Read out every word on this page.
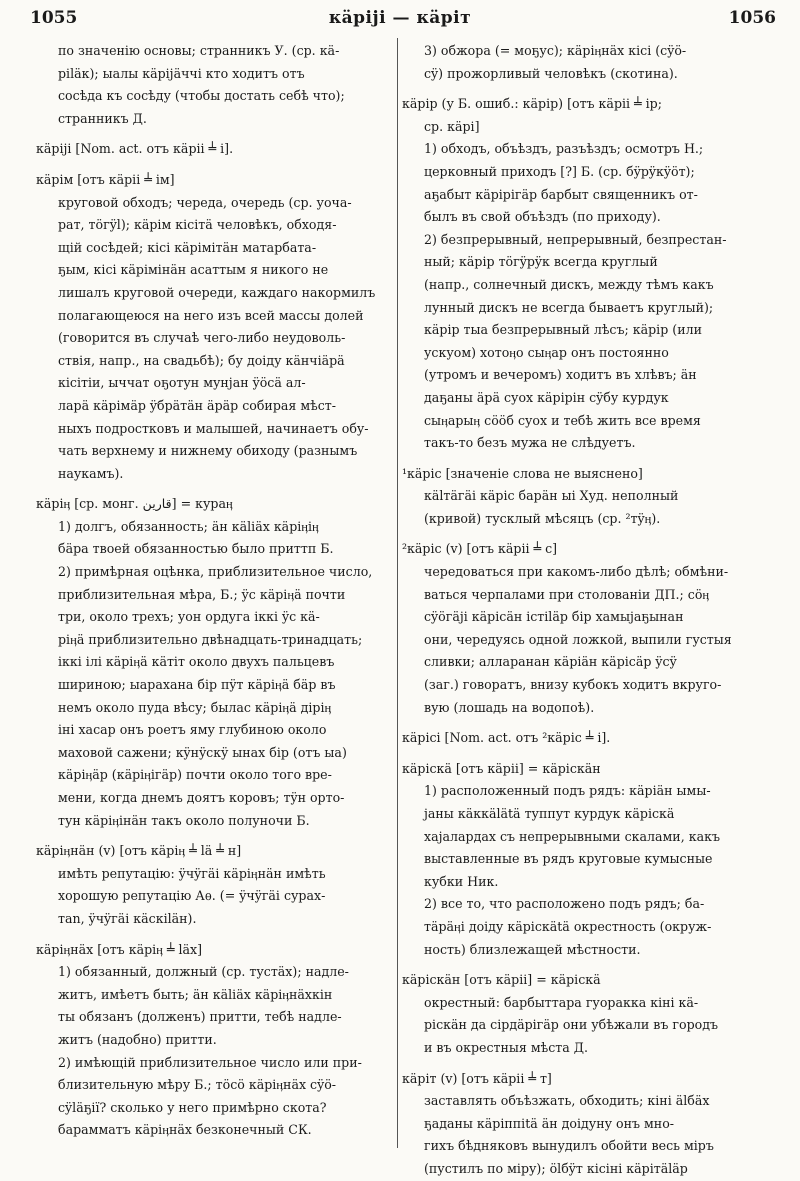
1055	кäріjі — кäріт	1056
по значенію основы; странникъ У. (ср. кä-
ріläк); ыалы кäріjäччі кто ходитъ отъ
сосѣда къ сосѣду (чтобы достать себѣ что);
странникъ Д.
кäріjі [Nom. act. отъ кäрii ╧ i].
кäрім [отъ кäрii ╧ ім]
круговой обходъ; череда, очередь (ср. уоча-
рат, тöгÿl); кäрім кісітä человѣкъ, обходя-
щій сосѣдей; кісі кäрімітäн матарбата-
ҕым, кісі кäрімінäн асаттым я никого не
лишалъ круговой очереди, каждаго накормилъ
полагающеюся на него изъ всей массы долей
(говорится въ случаѣ чего-либо неудоволь-
ствія, напр., на свадьбѣ); бу доіду кäнчiäрä
кісітіи, ыччат оҕотун мунjан ÿöсä ал-
ларä кäрімäр ÿбрäтäн äрäр собирая мѣст-
ныхъ подростковъ и малышей, начинаетъ обу-
чать верхнему и нижнему обиходу (разнымъ
наукамъ).
кäріӊ [ср. монг. ﻗﺎﺭﻳﻦ] = кураӊ
1) долгъ, обязанность; äн кäliäх кäріӊiӊ
бäра твоей обязанностью было приттп Б.
2) примѣрная оцѣнка, приблизительное число,
приблизительная мѣра, Б.; ÿс кäріӊä почти
три, около трехъ; уон ордуга іккі ÿс кä-
ріӊä приблизительно двѣнадцать-тринадцать;
іккі iлi кäріӊä кäтiт около двухъ пальцевъ
шириною; ыарахана бір пÿт кäріӊä бäр въ
немъ около пуда вѣсу; былас кäріӊä дірiӊ
iнi хасар онъ роетъ яму глубиною около
маховой сажени; кÿнÿскÿ ынах бір (отъ ыа)
кäріӊäр (кäріӊiгäр) почти около того вре-
мени, когда днемъ доятъ коровъ; тÿн орто-
тун кäріӊiнäн такъ около полуночи Б.
кäріӊнäн (v) [отъ кäріӊ ╧ lä ╧ н]
имѣть репутацію: ÿчÿгäi кäріӊнäн имѣть
хорошую репутацію Аѳ. (= ÿчÿгäi сурах-
таn, ÿчÿгäi кäскiläн).
кäріӊнäх [отъ кäріӊ ╧ läх]
1) обязанный, должный (ср. тустäх); надле-
житъ, имѣетъ быть; äн кäliäх кäріӊнäхкін
ты обязанъ (долженъ) притти, тебѣ надле-
житъ (надобно) притти.
2) имѣющій приблизительное число или при-
близительную мѣру Б.; тöсö кäріӊнäх сÿö-
сÿläҕiї? сколько у него примѣрно скота?
барамматъ кäріӊнäх безконечный СК.
3) обжора (= моҕус); кäріӊнäх кісі (сÿö-
сÿ) прожорливый человѣкъ (скотина).
кäрір (у Б. ошиб.: кäрір) [отъ кäрii ╧ ір;
ср. кäрі]
1) обходъ, объѣздъ, разъѣздъ; осмотръ Н.;
церковный приходъ [?] Б. (ср. бÿрÿкÿöт);
аҕабыт кäрірiгäр барбыт священникъ от-
былъ въ свой объѣздъ (по приходу).
2) безпрерывный, непрерывный, безпрестан-
ный; кäрір тöгÿрÿк всегда круглый
(напр., солнечный дискъ, между тѣмъ какъ
лунный дискъ не всегда бываетъ круглый);
кäрір тыа безпрерывный лѣсъ; кäрір (или
ускуом) хотоӊо сыӊар онъ постоянно
(утромъ и вечеромъ) ходитъ въ хлѣвъ; äн
даҕаны äрä суох кäрірiн сÿбу курдук
сыӊарыӊ сööб суох и тебѣ жить все время
такъ-то безъ мужа не слѣдуетъ.
¹кäріс [значеніе слова не выяснено]
кälтäгäi кäріс барäн ыi Худ. неполный
(кривой) тусклый мѣсяцъ (ср. ²тÿӊ).
²кäріс (v) [отъ кäрii ╧ с]
чередоваться при какомъ-либо дѣлѣ; обмѣни-
ваться черпалами при столованіи ДП.; сöӊ
сÿöгäjі кäрiсäн iстiläр бір хамыjаҕынан
они, чередуясь одной ложкой, выпили густыя
сливки; алларанан кäрiäн кäрiсäр ÿсÿ
(заг.) говоратъ, внизу кубокъ ходитъ вкруго-
вую (лошадь на водопоѣ).
кäрiсi [Nom. act. отъ ²кäріс ╧ i].
кäрiскä [отъ кäрii] = кäрiскäн
1) расположенный подъ рядъ: кäрiäн ымы-
jаны кäккälätä туппут курдук кäрiскä
хаjалардах съ непрерывными скалами, какъ
выставленные въ рядъ круговые кумысные
кубки Ник.
2) все то, что расположено подъ рядъ; ба-
тäрäӊi доіду кäрiскätä окрестность (окруж-
ность) близлежащей мѣстности.
кäрiскäн [отъ кäрii] = кäрiскä
окрестный: барбыттара гуоракка кiнi кä-
рiскäн да сiрдäрiгäр они убѣжали въ городъ
и въ окрестныя мѣста Д.
кäріт (v) [отъ кäрii ╧ т]
заставлять объѣзжать, обходить; кiнi älбäх
ҕаданы кäрiппitä äн доідуну онъ мно-
гихъ бѣдняковъ вынудилъ обойти весь міръ
(пустилъ по міру); ölбÿт кiсiнi кäрiтäläр
